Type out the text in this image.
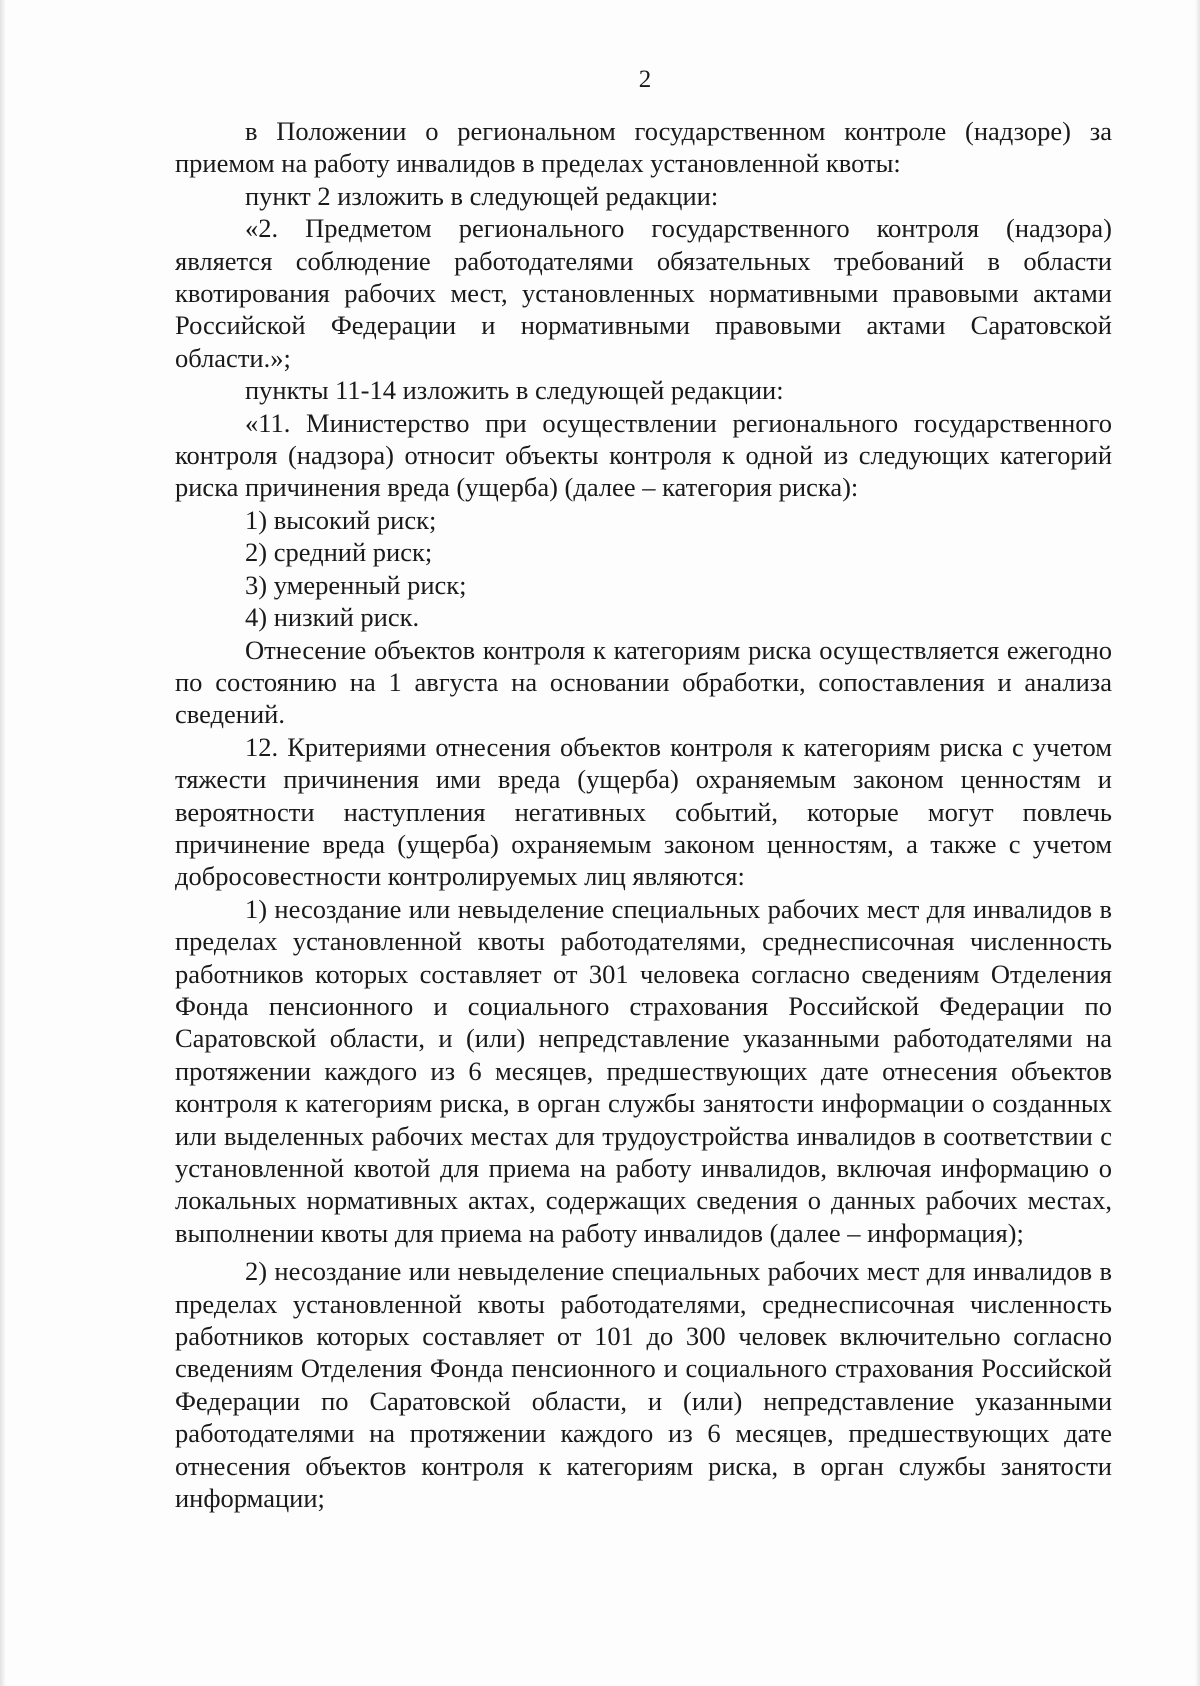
2

в Положении о региональном государственном контроле (надзоре) за приемом на работу инвалидов в пределах установленной квоты:

пункт 2 изложить в следующей редакции:

«2. Предметом регионального государственного контроля (надзора) является соблюдение работодателями обязательных требований в области квотирования рабочих мест, установленных нормативными правовыми актами Российской Федерации и нормативными правовыми актами Саратовской области.»;

пункты 11-14 изложить в следующей редакции:

«11. Министерство при осуществлении регионального государственного контроля (надзора) относит объекты контроля к одной из следующих категорий риска причинения вреда (ущерба) (далее – категория риска):

1) высокий риск;

2) средний риск;

3) умеренный риск;

4) низкий риск.

Отнесение объектов контроля к категориям риска осуществляется ежегодно по состоянию на 1 августа на основании обработки, сопоставления и анализа сведений.

12. Критериями отнесения объектов контроля к категориям риска с учетом тяжести причинения ими вреда (ущерба) охраняемым законом ценностям и вероятности наступления негативных событий, которые могут повлечь причинение вреда (ущерба) охраняемым законом ценностям, а также с учетом добросовестности контролируемых лиц являются:

1) несоздание или невыделение специальных рабочих мест для инвалидов в пределах установленной квоты работодателями, среднесписочная численность работников которых составляет от 301 человека согласно сведениям Отделения Фонда пенсионного и социального страхования Российской Федерации по Саратовской области, и (или) непредставление указанными работодателями на протяжении каждого из 6 месяцев, предшествующих дате отнесения объектов контроля к категориям риска, в орган службы занятости информации о созданных или выделенных рабочих местах для трудоустройства инвалидов в соответствии с установленной квотой для приема на работу инвалидов, включая информацию о локальных нормативных актах, содержащих сведения о данных рабочих местах, выполнении квоты для приема на работу инвалидов (далее – информация);

2) несоздание или невыделение специальных рабочих мест для инвалидов в пределах установленной квоты работодателями, среднесписочная численность работников которых составляет от 101 до 300 человек включительно согласно сведениям Отделения Фонда пенсионного и социального страхования Российской Федерации по Саратовской области, и (или) непредставление указанными работодателями на протяжении каждого из 6 месяцев, предшествующих дате отнесения объектов контроля к категориям риска, в орган службы занятости информации;
